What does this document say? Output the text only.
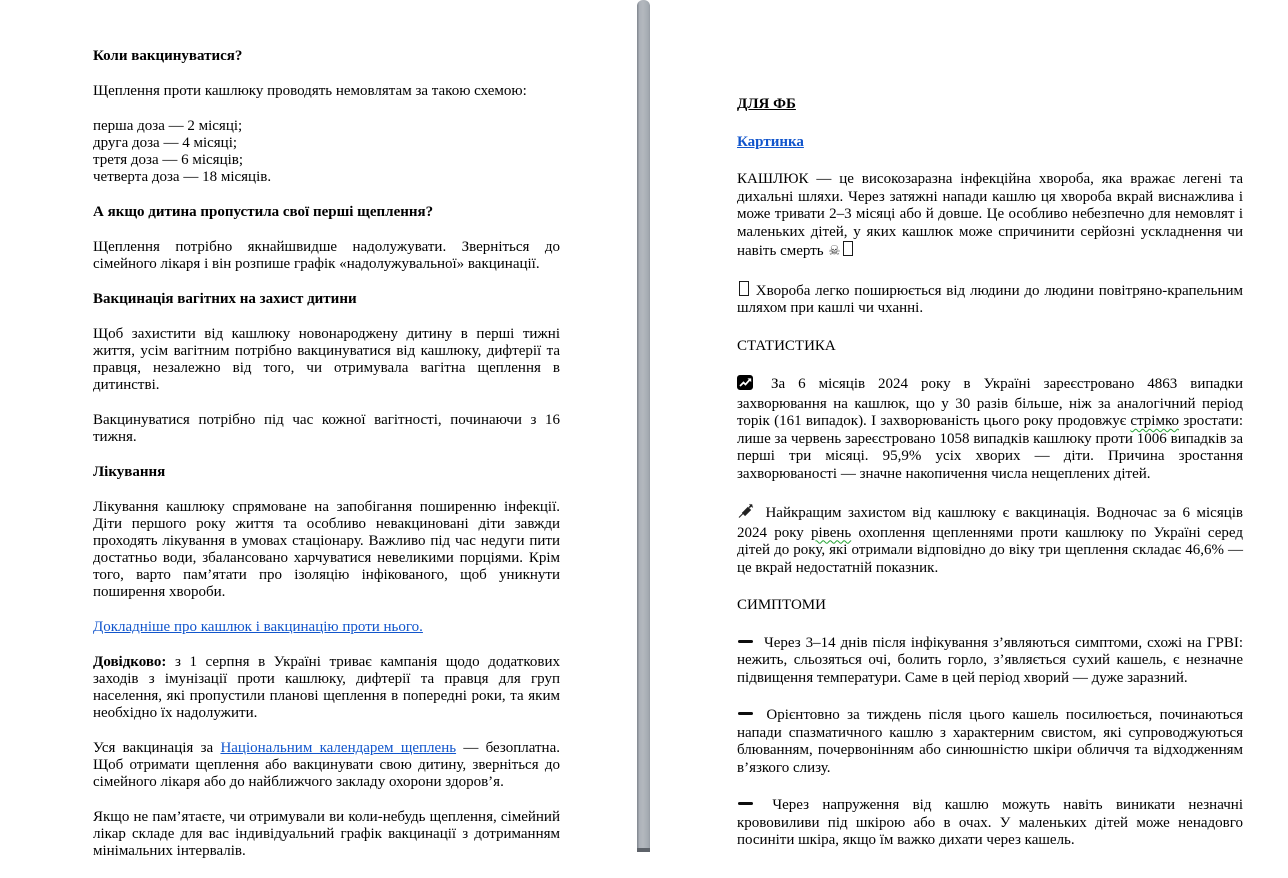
Коли вакцинуватися?

Щеплення проти кашлюку проводять немовлятам за такою схемою:

перша доза — 2 місяці;
друга доза — 4 місяці;
третя доза — 6 місяців;
четверта доза — 18 місяців.

А якщо дитина пропустила свої перші щеплення?

Щеплення потрібно якнайшвидше надолужувати. Зверніться до сімейного лікаря і він розпише графік «надолужувальної» вакцинації.

Вакцинація вагітних на захист дитини

Щоб захистити від кашлюку новонароджену дитину в перші тижні життя, усім вагітним потрібно вакцинуватися від кашлюку, дифтерії та правця, незалежно від того, чи отримувала вагітна щеплення в дитинстві.

Вакцинуватися потрібно під час кожної вагітності, починаючи з 16 тижня.

Лікування

Лікування кашлюку спрямоване на запобігання поширенню інфекції. Діти першого року життя та особливо невакциновані діти завжди проходять лікування в умовах стаціонару. Важливо під час недуги пити достатньо води, збалансовано харчуватися невеликими порціями. Крім того, варто пам’ятати про ізоляцію інфікованого, щоб уникнути поширення хвороби.

Докладніше про кашлюк і вакцинацію проти нього.

Довідково: з 1 серпня в Україні триває кампанія щодо додаткових заходів з імунізації проти кашлюку, дифтерії та правця для груп населення, які пропустили планові щеплення в попередні роки, та яким необхідно їх надолужити.

Уся вакцинація за Національним календарем щеплень — безоплатна. Щоб отримати щеплення або вакцинувати свою дитину, зверніться до сімейного лікаря або до найближчого закладу охорони здоров’я.

Якщо не пам’ятаєте, чи отримували ви коли-небудь щеплення, сімейний лікар складе для вас індивідуальний графік вакцинації з дотриманням мінімальних інтервалів.

ДЛЯ ФБ

Картинка

КАШЛЮК — це високозаразна інфекційна хвороба, яка вражає легені та дихальні шляхи. Через затяжні напади кашлю ця хвороба вкрай виснажлива і може тривати 2–3 місяці або й довше. Це особливо небезпечно для немовлят і маленьких дітей, у яких кашлюк може спричинити серйозні ускладнення чи навіть смерть ☠

Хвороба легко поширюється від людини до людини повітряно-крапельним шляхом при кашлі чи чханні.

СТАТИСТИКА

За 6 місяців 2024 року в Україні зареєстровано 4863 випадки захворювання на кашлюк, що у 30 разів більше, ніж за аналогічний період торік (161 випадок). І захворюваність цього року продовжує стрімко зростати: лише за червень зареєстровано 1058 випадків кашлюку проти 1006 випадків за перші три місяці. 95,9% усіх хворих — діти. Причина зростання захворюваності — значне накопичення числа нещеплених дітей.

Найкращим захистом від кашлюку є вакцинація. Водночас за 6 місяців 2024 року рівень охоплення щепленнями проти кашлюку по Україні серед дітей до року, які отримали відповідно до віку три щеплення складає 46,6% — це вкрай недостатній показник.

СИМПТОМИ

Через 3–14 днів після інфікування з’являються симптоми, схожі на ГРВІ: нежить, сльозяться очі, болить горло, з’являється сухий кашель, є незначне підвищення температури. Саме в цей період хворий — дуже заразний.

Орієнтовно за тиждень після цього кашель посилюється, починаються напади спазматичного кашлю з характерним свистом, які супроводжуються блюванням, почервонінням або синюшністю шкіри обличчя та відходженням в’язкого слизу.

Через напруження від кашлю можуть навіть виникати незначні крововиливи під шкірою або в очах. У маленьких дітей може ненадовго посиніти шкіра, якщо їм важко дихати через кашель.
